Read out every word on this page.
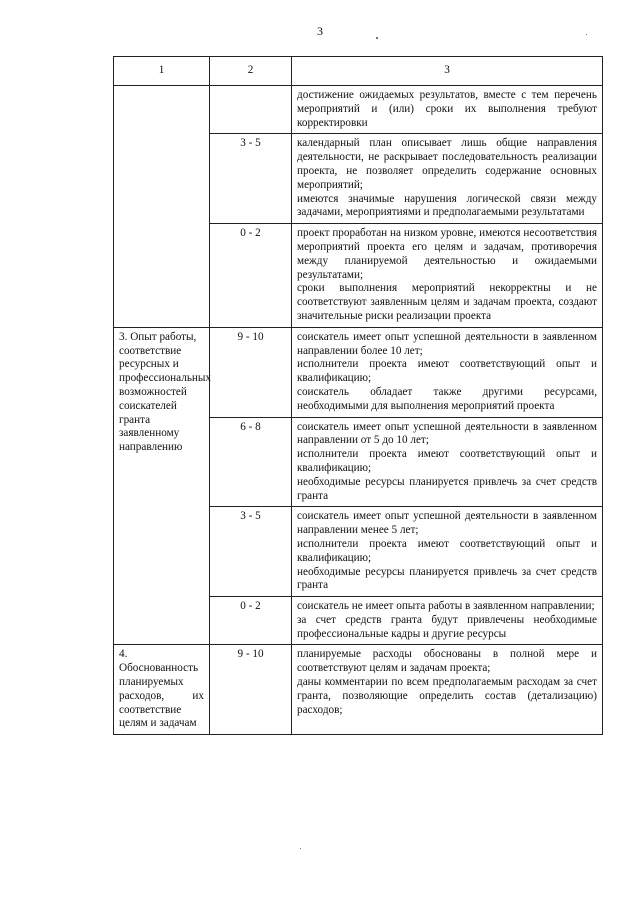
3
1	2	3

		достижение ожидаемых результатов, вместе с тем перечень мероприятий и (или) сроки их выполнения требуют корректировки

	3 - 5	календарный план описывает лишь общие направления деятельности, не раскрывает последовательность реализации проекта, не позволяет определить содержание основных мероприятий;
имеются значимые нарушения логической связи между задачами, мероприятиями и предполагаемыми результатами

	0 - 2	проект проработан на низком уровне, имеются несоответствия мероприятий проекта его целям и задачам, противоречия между планируемой деятельностью и ожидаемыми результатами;
сроки выполнения мероприятий некорректны и не соответствуют заявленным целям и задачам проекта, создают значительные риски реализации проекта

3. Опыт работы, соответствие ресурсных и профессиональных возможностей соискателей гранта заявленному направлению	9 - 10	соискатель имеет опыт успешной деятельности в заявленном направлении более 10 лет;
исполнители проекта имеют соответствующий опыт и квалификацию;
соискатель обладает также другими ресурсами, необходимыми для выполнения мероприятий проекта

	6 - 8	соискатель имеет опыт успешной деятельности в заявленном направлении от 5 до 10 лет;
исполнители проекта имеют соответствующий опыт и квалификацию;
необходимые ресурсы планируется привлечь за счет средств гранта

	3 - 5	соискатель имеет опыт успешной деятельности в заявленном направлении менее 5 лет;
исполнители проекта имеют соответствующий опыт и квалификацию;
необходимые ресурсы планируется привлечь за счет средств гранта

	0 - 2	соискатель не имеет опыта работы в заявленном направлении;
за счет средств гранта будут привлечены необходимые профессиональные кадры и другие ресурсы

4. Обоснованность планируемых расходов, их соответствие целям и задачам	9 - 10	планируемые расходы обоснованы в полной мере и соответствуют целям и задачам проекта;
даны комментарии по всем предполагаемым расходам за счет гранта, позволяющие определить состав (детализацию) расходов;
